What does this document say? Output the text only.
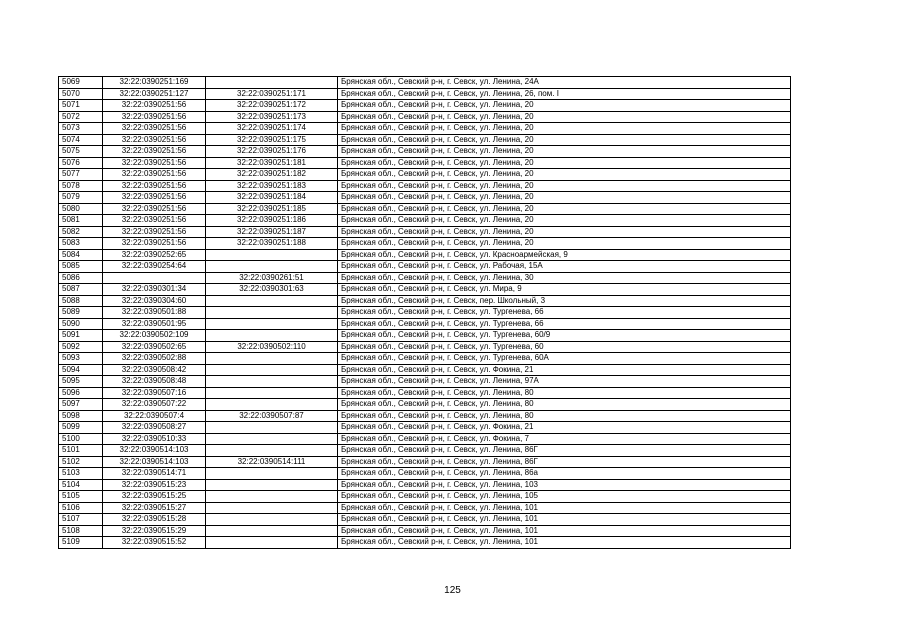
5069	32:22:0390251:169		Брянская обл., Севский р-н, г. Севск, ул. Ленина, 24А
5070	32:22:0390251:127	32:22:0390251:171	Брянская обл., Севский р-н, г. Севск, ул. Ленина, 26, пом. I
5071	32:22:0390251:56	32:22:0390251:172	Брянская обл., Севский р-н, г. Севск, ул. Ленина, 20
5072	32:22:0390251:56	32:22:0390251:173	Брянская обл., Севский р-н, г. Севск, ул. Ленина, 20
5073	32:22:0390251:56	32:22:0390251:174	Брянская обл., Севский р-н, г. Севск, ул. Ленина, 20
5074	32:22:0390251:56	32:22:0390251:175	Брянская обл., Севский р-н, г. Севск, ул. Ленина, 20
5075	32:22:0390251:56	32:22:0390251:176	Брянская обл., Севский р-н, г. Севск, ул. Ленина, 20
5076	32:22:0390251:56	32:22:0390251:181	Брянская обл., Севский р-н, г. Севск, ул. Ленина, 20
5077	32:22:0390251:56	32:22:0390251:182	Брянская обл., Севский р-н, г. Севск, ул. Ленина, 20
5078	32:22:0390251:56	32:22:0390251:183	Брянская обл., Севский р-н, г. Севск, ул. Ленина, 20
5079	32:22:0390251:56	32:22:0390251:184	Брянская обл., Севский р-н, г. Севск, ул. Ленина, 20
5080	32:22:0390251:56	32:22:0390251:185	Брянская обл., Севский р-н, г. Севск, ул. Ленина, 20
5081	32:22:0390251:56	32:22:0390251:186	Брянская обл., Севский р-н, г. Севск, ул. Ленина, 20
5082	32:22:0390251:56	32:22:0390251:187	Брянская обл., Севский р-н, г. Севск, ул. Ленина, 20
5083	32:22:0390251:56	32:22:0390251:188	Брянская обл., Севский р-н, г. Севск, ул. Ленина, 20
5084	32:22:0390252:65		Брянская обл., Севский р-н, г. Севск, ул. Красноармейская, 9
5085	32:22:0390254:64		Брянская обл., Севский р-н, г. Севск, ул. Рабочая, 15А
5086		32:22:0390261:51	Брянская обл., Севский р-н, г. Севск, ул. Ленина, 30
5087	32:22:0390301:34	32:22:0390301:63	Брянская обл., Севский р-н, г. Севск, ул. Мира, 9
5088	32:22:0390304:60		Брянская обл., Севский р-н, г. Севск, пер. Школьный, 3
5089	32:22:0390501:88		Брянская обл., Севский р-н, г. Севск, ул. Тургенева, 66
5090	32:22:0390501:95		Брянская обл., Севский р-н, г. Севск, ул. Тургенева, 66
5091	32:22:0390502:109		Брянская обл., Севский р-н, г. Севск, ул. Тургенева, 60/9
5092	32:22:0390502:65	32:22:0390502:110	Брянская обл., Севский р-н, г. Севск, ул. Тургенева, 60
5093	32:22:0390502:88		Брянская обл., Севский р-н, г. Севск, ул. Тургенева, 60А
5094	32:22:0390508:42		Брянская обл., Севский р-н, г. Севск, ул. Фокина, 21
5095	32:22:0390508:48		Брянская обл., Севский р-н, г. Севск, ул. Ленина, 97А
5096	32:22:0390507:16		Брянская обл., Севский р-н, г. Севск, ул. Ленина, 80
5097	32:22:0390507:22		Брянская обл., Севский р-н, г. Севск, ул. Ленина, 80
5098	32:22:0390507:4	32:22:0390507:87	Брянская обл., Севский р-н, г. Севск, ул. Ленина, 80
5099	32:22:0390508:27		Брянская обл., Севский р-н, г. Севск, ул. Фокина, 21
5100	32:22:0390510:33		Брянская обл., Севский р-н, г. Севск, ул. Фокина, 7
5101	32:22:0390514:103		Брянская обл., Севский р-н, г. Севск, ул. Ленина, 86Г
5102	32:22:0390514:103	32:22:0390514:111	Брянская обл., Севский р-н, г. Севск, ул. Ленина, 86Г
5103	32:22:0390514:71		Брянская обл., Севский р-н, г. Севск, ул. Ленина, 86а
5104	32:22:0390515:23		Брянская обл., Севский р-н, г. Севск, ул. Ленина, 103
5105	32:22:0390515:25		Брянская обл., Севский р-н, г. Севск, ул. Ленина, 105
5106	32:22:0390515:27		Брянская обл., Севский р-н, г. Севск, ул. Ленина, 101
5107	32:22:0390515:28		Брянская обл., Севский р-н, г. Севск, ул. Ленина, 101
5108	32:22:0390515:29		Брянская обл., Севский р-н, г. Севск, ул. Ленина, 101
5109	32:22:0390515:52		Брянская обл., Севский р-н, г. Севск, ул. Ленина, 101
125
